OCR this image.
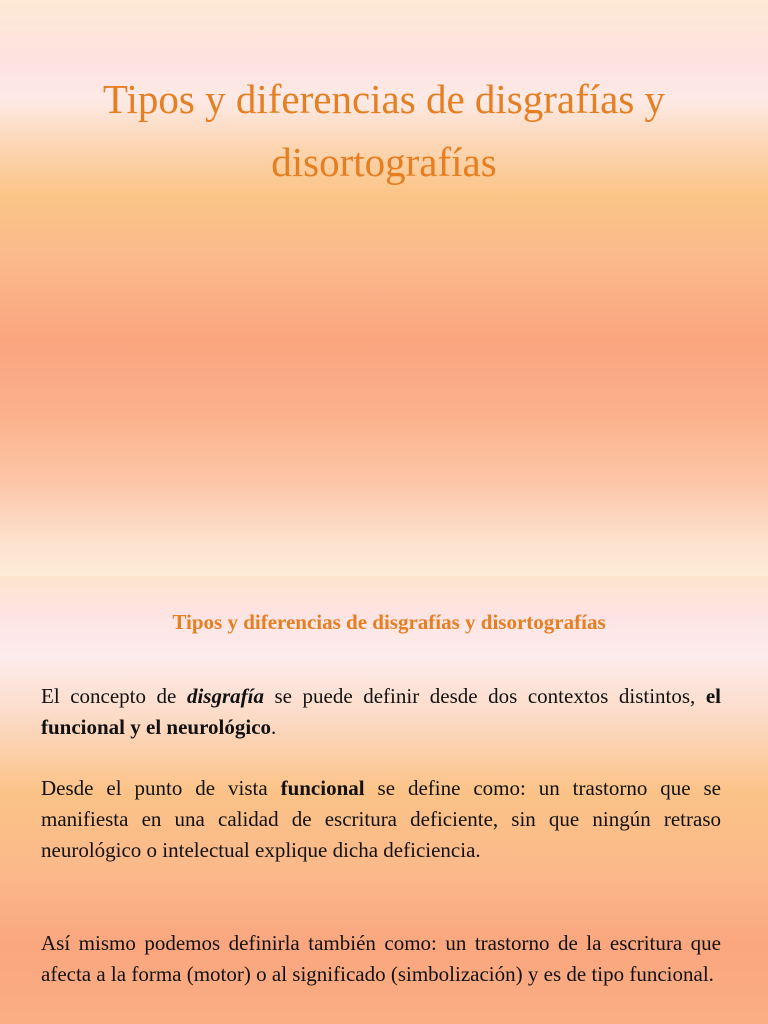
Tipos y diferencias de disgrafías y
disortografías
Tipos y diferencias de disgrafías y disortografías

El concepto de disgrafía se puede definir desde dos contextos distintos, el funcional y el neurológico.

Desde el punto de vista funcional se define como: un trastorno que se manifiesta en una calidad de escritura deficiente, sin que ningún retraso neurológico o intelectual explique dicha deficiencia.

Así mismo podemos definirla también como: un trastorno de la escritura que afecta a la forma (motor) o al significado (simbolización) y es de tipo funcional.
